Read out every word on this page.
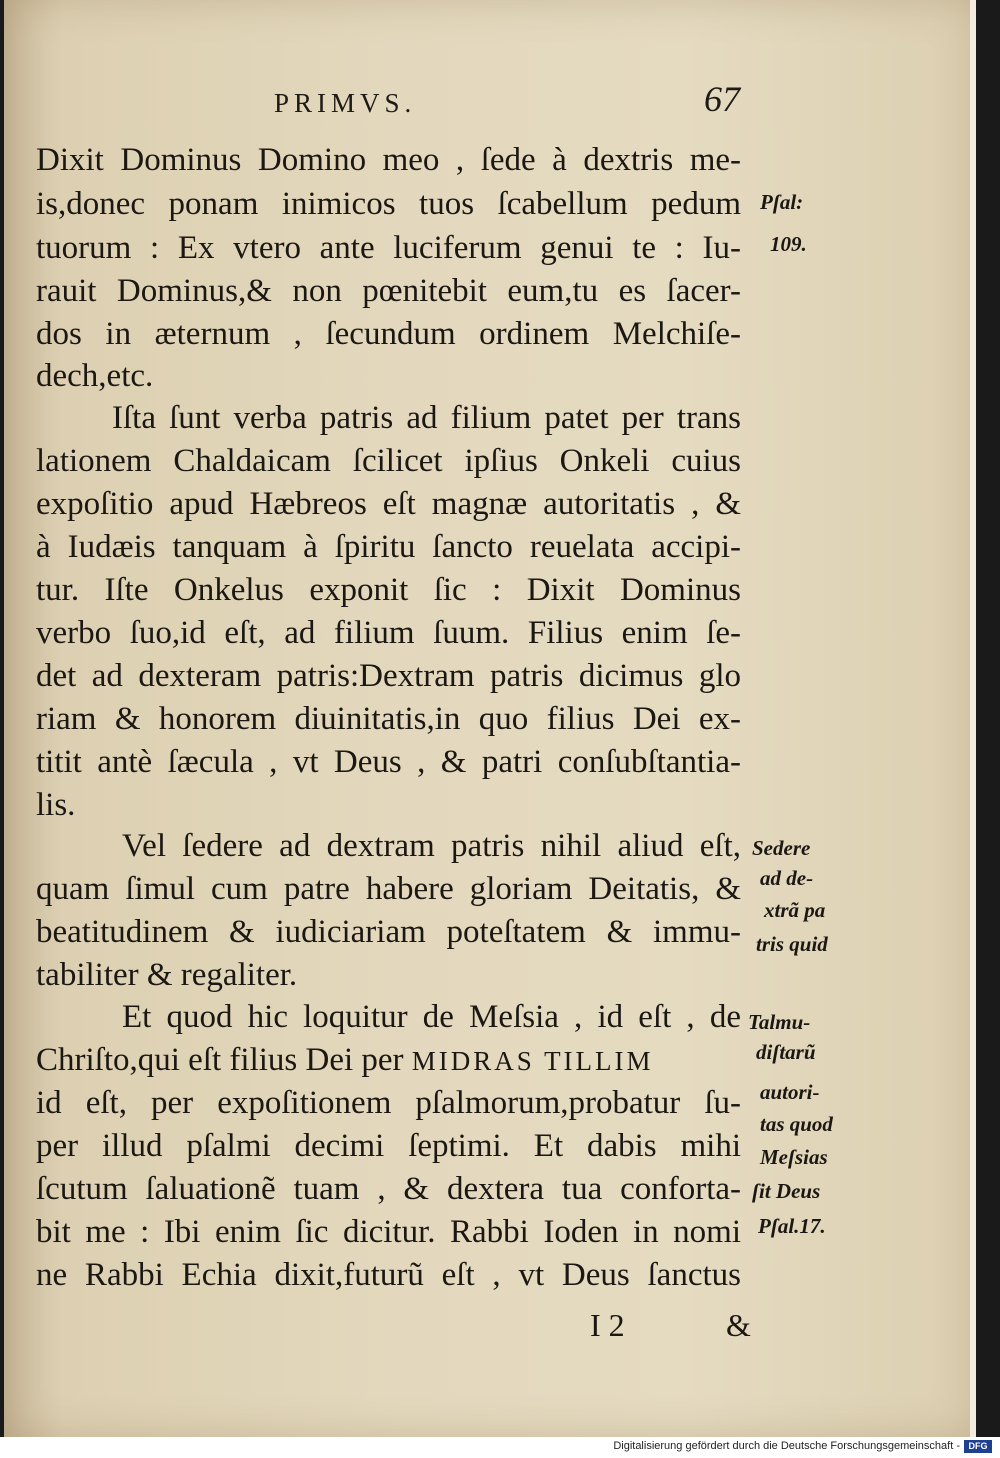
PRIMVS.	67
Dixit Dominus Domino meo , ſede à dextris me-
is,donec ponam inimicos tuos ſcabellum pedum
tuorum : Ex vtero ante luciferum genui te : Iu-
rauit Dominus,& non pœnitebit eum,tu es ſacer-
dos in æternum , ſecundum ordinem Melchiſe-
dech,etc.
Iſta ſunt verba patris ad filium patet per trans
lationem Chaldaicam ſcilicet ipſius Onkeli cuius
expoſitio apud Hæbreos eſt magnæ autoritatis , &
à Iudæis tanquam à ſpiritu ſancto reuelata accipi-
tur. Iſte Onkelus exponit ſic : Dixit Dominus
verbo ſuo,id eſt, ad filium ſuum. Filius enim ſe-
det ad dexteram patris:Dextram patris dicimus glo
riam & honorem diuinitatis,in quo filius Dei ex-
titit antè ſæcula , vt Deus , & patri conſubſtantia-
lis.
Vel ſedere ad dextram patris nihil aliud eſt,
quam ſimul cum patre habere gloriam Deitatis, &
beatitudinem & iudiciariam poteſtatem & immu-
tabiliter & regaliter.
Et quod hic loquitur de Meſsia , id eſt , de
Chriſto,qui eſt filius Dei per MIDRAS TILLIM
id eſt, per expoſitionem pſalmorum,probatur ſu-
per illud pſalmi decimi ſeptimi. Et dabis mihi
ſcutum ſaluationẽ tuam , & dextera tua conforta-
bit me : Ibi enim ſic dicitur. Rabbi Ioden in nomi
ne Rabbi Echia dixit,futurũ eſt , vt Deus ſanctus
Pſal:
109.
Sedere
ad de-
xtrã pa
tris quid
Talmu-
diſtarũ
autori-
tas quod
Meſsias
ſit Deus
Pſal.17.
I 2	&
Digitalisierung gefördert durch die Deutsche Forschungsgemeinschaft - DFG
